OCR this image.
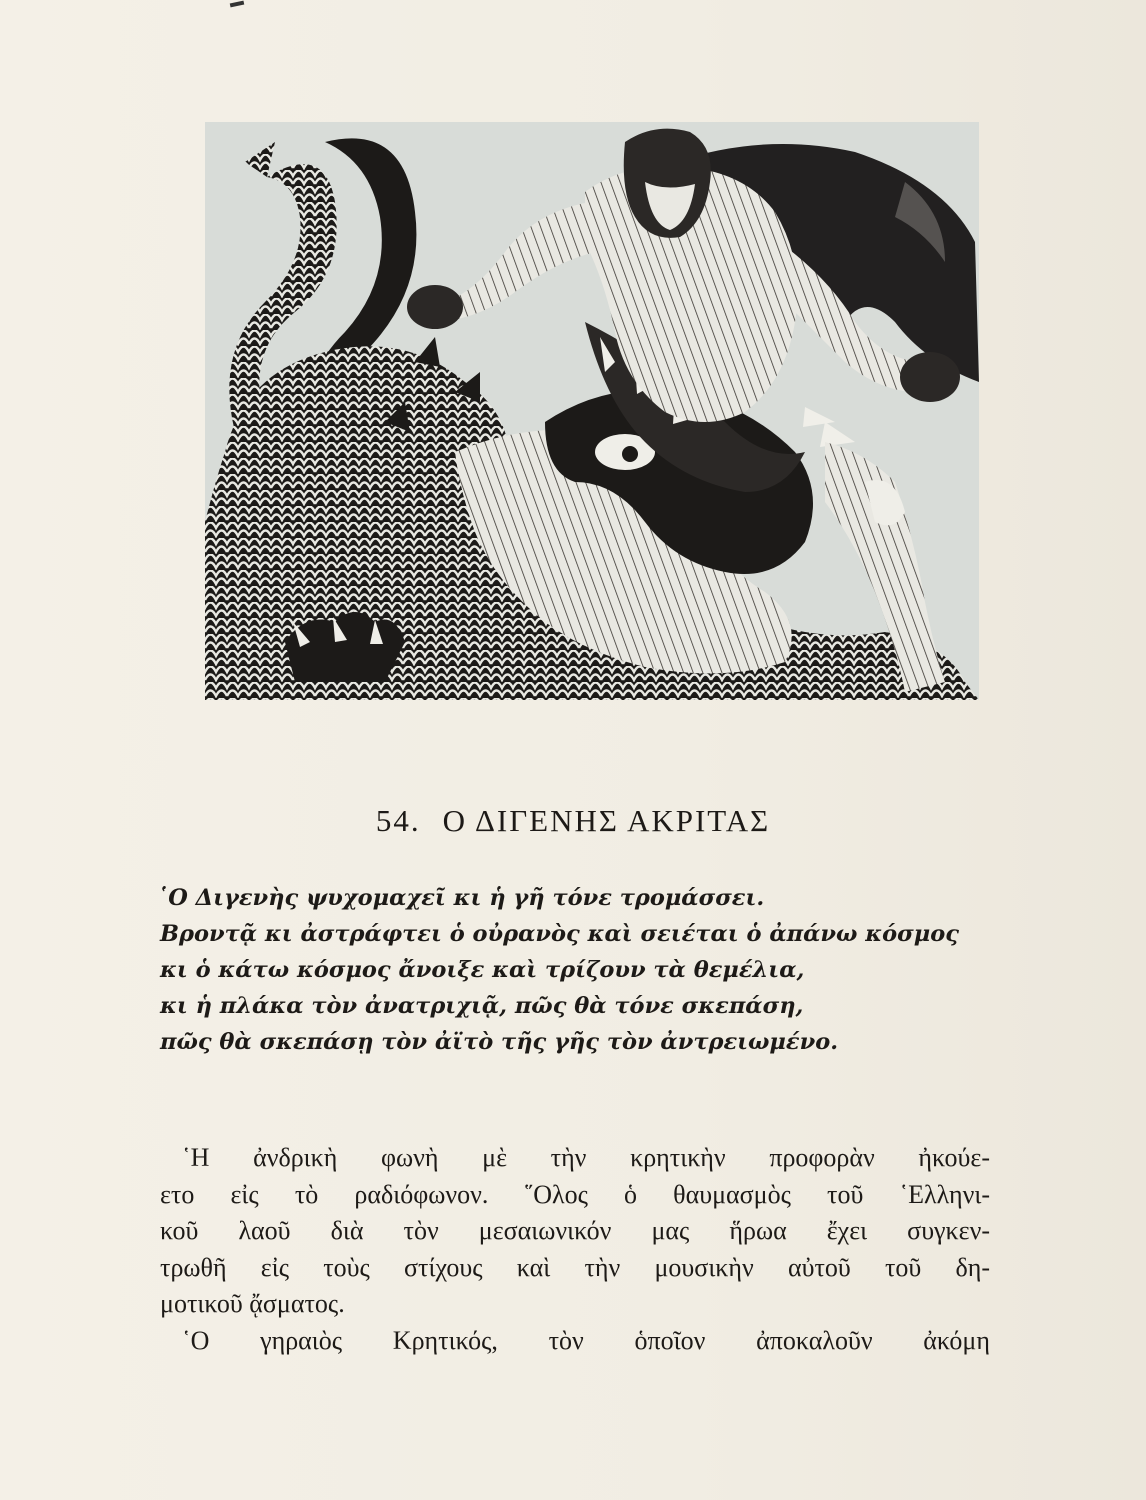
54. Ο ΔΙΓΕΝΗΣ ΑΚΡΙΤΑΣ
῾Ο Διγενὴς ψυχομαχεῖ κι ἡ γῆ τόνε τρομάσσει.
Βροντᾷ κι ἀστράφτει ὁ οὐρανὸς καὶ σειέται ὁ ἀπάνω κόσμος
κι ὁ κάτω κόσμος ἄνοιξε καὶ τρίζουν τὰ θεμέλια,
κι ἡ πλάκα τὸν ἀνατριχιᾷ, πῶς θὰ τόνε σκεπάση,
πῶς θὰ σκεπάσῃ τὸν ἀϊτὸ τῆς γῆς τὸν ἀντρειωμένο.
῾Η ἀνδρικὴ φωνὴ μὲ τὴν κρητικὴν προφορὰν ἠκούε-
ετο εἰς τὸ ραδιόφωνον. ῞Ολος ὁ θαυμασμὸς τοῦ ῾Ελληνι-
κοῦ λαοῦ διὰ τὸν μεσαιωνικόν μας ἥρωα ἔχει συγκεν-
τρωθῆ εἰς τοὺς στίχους καὶ τὴν μουσικὴν αὐτοῦ τοῦ δη-
μοτικοῦ ᾄσματος.
῾Ο γηραιὸς Κρητικός, τὸν ὁποῖον ἀποκαλοῦν ἀκόμη
